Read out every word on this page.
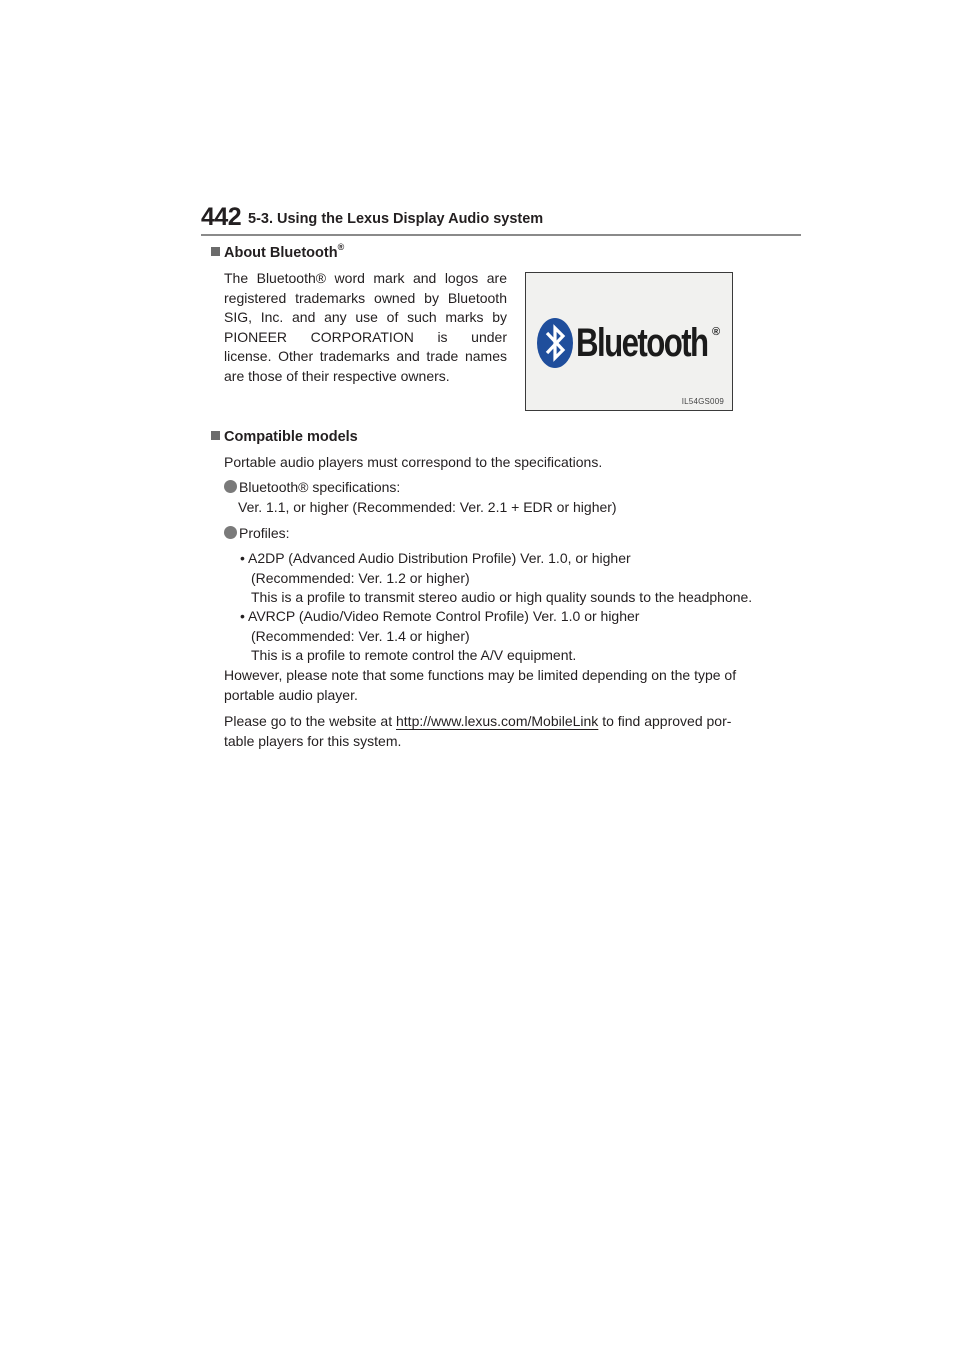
442 5-3. Using the Lexus Display Audio system
About Bluetooth®
The Bluetooth® word mark and logos are
registered trademarks owned by Bluetooth
SIG, Inc. and any use of such marks by
PIONEER CORPORATION is under
license. Other trademarks and trade names
are those of their respective owners.
Bluetooth ®
IL54GS009
Compatible models
Portable audio players must correspond to the specifications.
Bluetooth® specifications:
Ver. 1.1, or higher (Recommended: Ver. 2.1 + EDR or higher)
Profiles:
• A2DP (Advanced Audio Distribution Profile) Ver. 1.0, or higher
(Recommended: Ver. 1.2 or higher)
This is a profile to transmit stereo audio or high quality sounds to the headphone.
• AVRCP (Audio/Video Remote Control Profile) Ver. 1.0 or higher
(Recommended: Ver. 1.4 or higher)
This is a profile to remote control the A/V equipment.
However, please note that some functions may be limited depending on the type of
portable audio player.
Please go to the website at http://www.lexus.com/MobileLink to find approved por-
table players for this system.
